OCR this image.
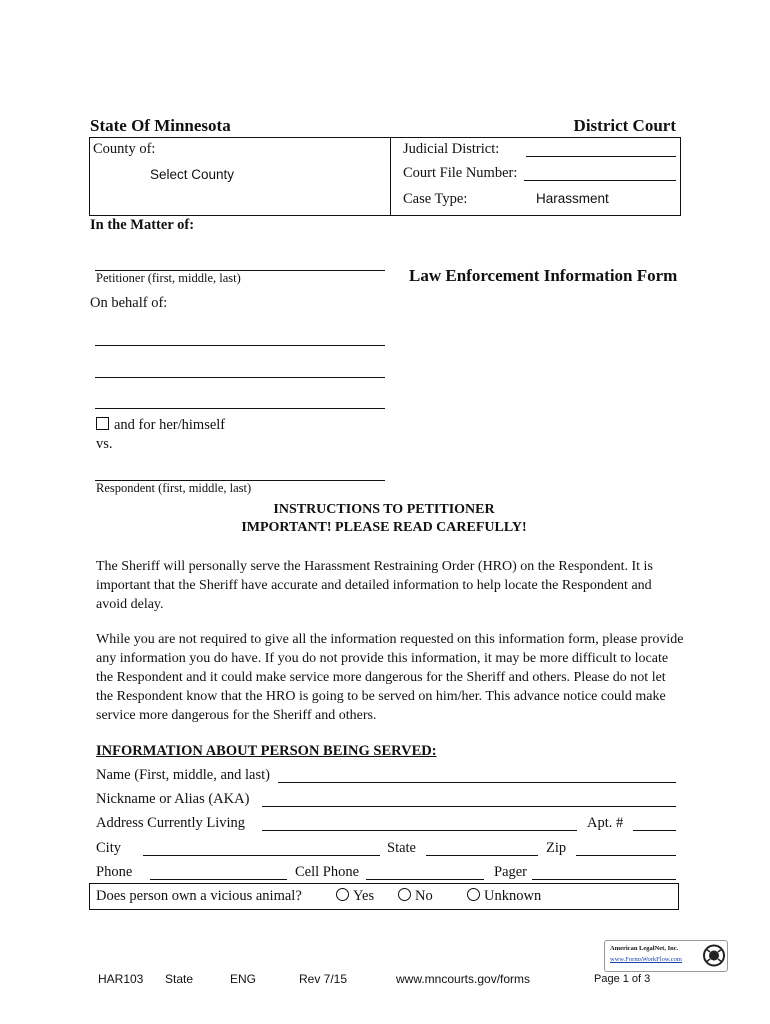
State Of Minnesota	District Court
County of:
Select County
Judicial District:
Court File Number:
Case Type:	Harassment
In the Matter of:
Petitioner (first, middle, last)	Law Enforcement Information Form
On behalf of:
and for her/himself
vs.
Respondent (first, middle, last)
INSTRUCTIONS TO PETITIONER
IMPORTANT! PLEASE READ CAREFULLY!
The Sheriff will personally serve the Harassment Restraining Order (HRO) on the Respondent. It is important that the Sheriff have accurate and detailed information to help locate the Respondent and avoid delay.
While you are not required to give all the information requested on this information form, please provide any information you do have. If you do not provide this information, it may be more difficult to locate the Respondent and it could make service more dangerous for the Sheriff and others. Please do not let the Respondent know that the HRO is going to be served on him/her. This advance notice could make service more dangerous for the Sheriff and others.
INFORMATION ABOUT PERSON BEING SERVED:
Name (First, middle, and last)
Nickname or Alias (AKA)
Address Currently Living	Apt. #
City	State	Zip
Phone	Cell Phone	Pager
Does person own a vicious animal?	Yes	No	Unknown
American LegalNet, Inc.
www.FormsWorkFlow.com
HAR103 State	ENG	Rev 7/15	www.mncourts.gov/forms	Page 1 of 3
